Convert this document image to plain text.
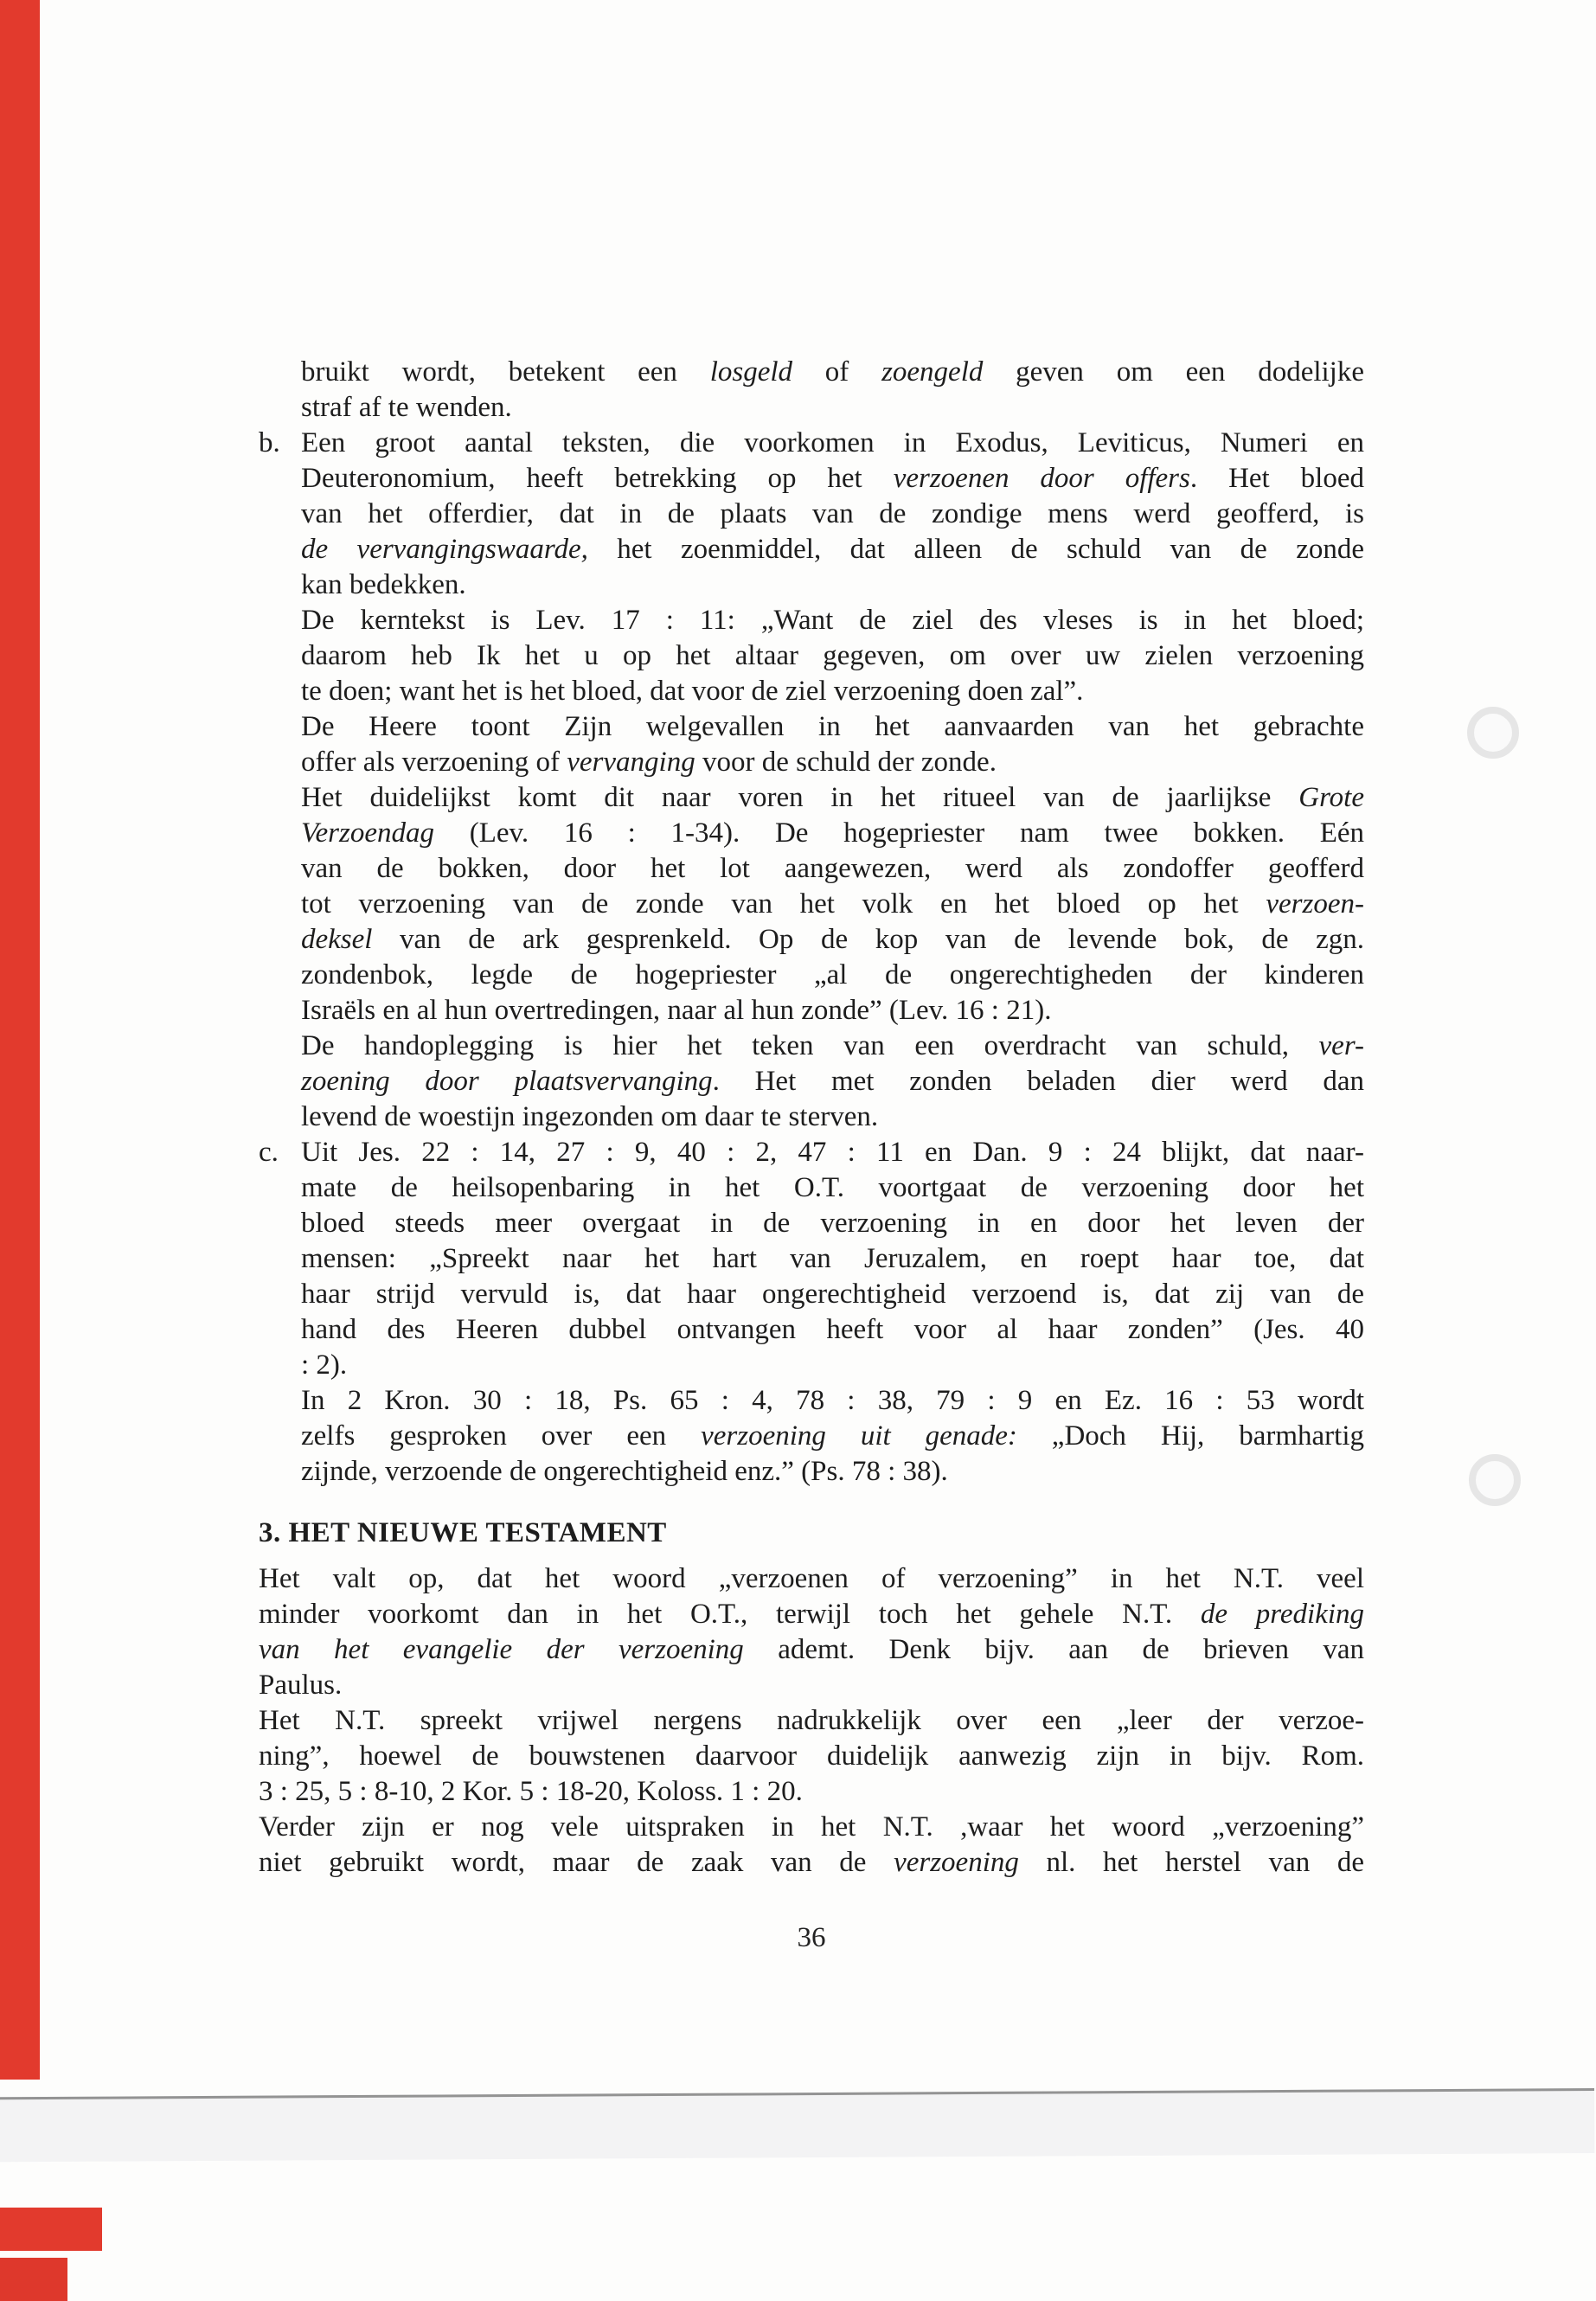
bruikt wordt, betekent een losgeld of zoengeld geven om een dodelijke
straf af te wenden.
b. Een groot aantal teksten, die voorkomen in Exodus, Leviticus, Numeri en
Deuteronomium, heeft betrekking op het verzoenen door offers. Het bloed
van het offerdier, dat in de plaats van de zondige mens werd geofferd, is
de vervangingswaarde, het zoenmiddel, dat alleen de schuld van de zonde
kan bedekken.
De kerntekst is Lev. 17 : 11: „Want de ziel des vleses is in het bloed;
daarom heb Ik het u op het altaar gegeven, om over uw zielen verzoening
te doen; want het is het bloed, dat voor de ziel verzoening doen zal”.
De Heere toont Zijn welgevallen in het aanvaarden van het gebrachte
offer als verzoening of vervanging voor de schuld der zonde.
Het duidelijkst komt dit naar voren in het ritueel van de jaarlijkse Grote
Verzoendag (Lev. 16 : 1-34). De hogepriester nam twee bokken. Eén
van de bokken, door het lot aangewezen, werd als zondoffer geofferd
tot verzoening van de zonde van het volk en het bloed op het verzoen-
deksel van de ark gesprenkeld. Op de kop van de levende bok, de zgn.
zondenbok, legde de hogepriester „al de ongerechtigheden der kinderen
Israëls en al hun overtredingen, naar al hun zonde” (Lev. 16 : 21).
De handoplegging is hier het teken van een overdracht van schuld, ver-
zoening door plaatsvervanging. Het met zonden beladen dier werd dan
levend de woestijn ingezonden om daar te sterven.
c. Uit Jes. 22 : 14, 27 : 9, 40 : 2, 47 : 11 en Dan. 9 : 24 blijkt, dat naar-
mate de heilsopenbaring in het O.T. voortgaat de verzoening door het
bloed steeds meer overgaat in de verzoening in en door het leven der
mensen: „Spreekt naar het hart van Jeruzalem, en roept haar toe, dat
haar strijd vervuld is, dat haar ongerechtigheid verzoend is, dat zij van de
hand des Heeren dubbel ontvangen heeft voor al haar zonden” (Jes. 40
: 2).
In 2 Kron. 30 : 18, Ps. 65 : 4, 78 : 38, 79 : 9 en Ez. 16 : 53 wordt
zelfs gesproken over een verzoening uit genade: „Doch Hij, barmhartig
zijnde, verzoende de ongerechtigheid enz.” (Ps. 78 : 38).
3. HET NIEUWE TESTAMENT
Het valt op, dat het woord „verzoenen of verzoening” in het N.T. veel
minder voorkomt dan in het O.T., terwijl toch het gehele N.T. de prediking
van het evangelie der verzoening ademt. Denk bijv. aan de brieven van
Paulus.
Het N.T. spreekt vrijwel nergens nadrukkelijk over een „leer der verzoe-
ning”, hoewel de bouwstenen daarvoor duidelijk aanwezig zijn in bijv. Rom.
3 : 25, 5 : 8-10, 2 Kor. 5 : 18-20, Koloss. 1 : 20.
Verder zijn er nog vele uitspraken in het N.T. ,waar het woord „verzoening”
niet gebruikt wordt, maar de zaak van de verzoening nl. het herstel van de
36
